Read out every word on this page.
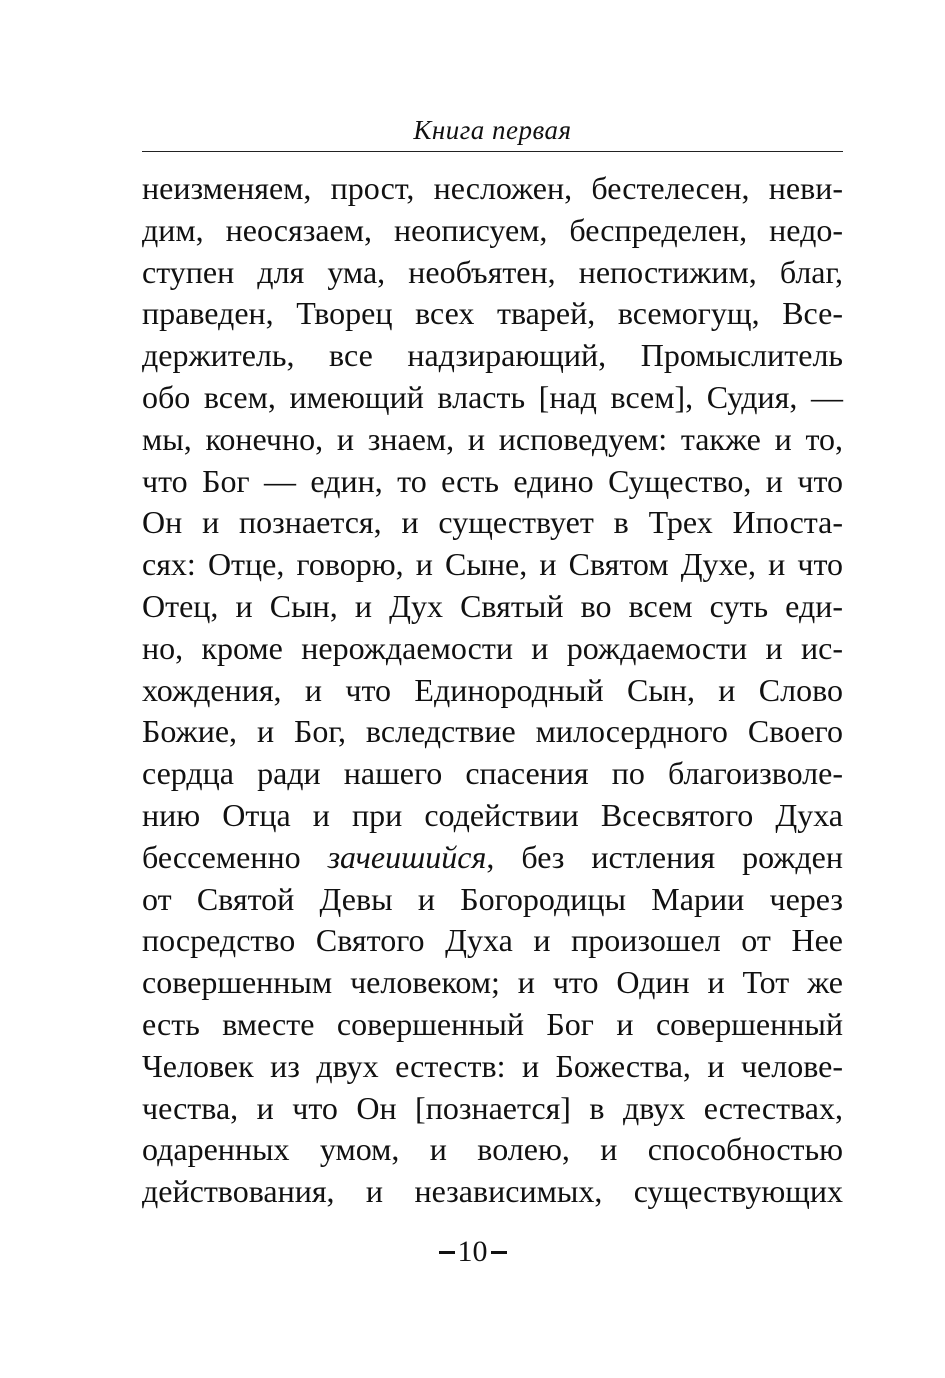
Книга первая
неизменяем, прост, несложен, бестелесен, неви-
дим, неосязаем, неописуем, беспределен, недо-
ступен для ума, необъятен, непостижим, благ,
праведен, Творец всех тварей, всемогущ, Все-
держитель, все надзирающий, Промыслитель
обо всем, имеющий власть [над всем], Судия, —
мы, конечно, и знаем, и исповедуем: также и то,
что Бог — един, то есть едино Существо, и что
Он и познается, и существует в Трех Ипоста-
сях: Отце, говорю, и Сыне, и Святом Духе, и что
Отец, и Сын, и Дух Святый во всем суть еди-
но, кроме нерождаемости и рождаемости и ис-
хождения, и что Единородный Сын, и Слово
Божие, и Бог, вследствие милосердного Своего
сердца ради нашего спасения по благоизволе-
нию Отца и при содействии Всесвятого Духа
бессеменно зачеишийся, без истления рожден
от Святой Девы и Богородицы Марии через
посредство Святого Духа и произошел от Нее
совершенным человеком; и что Один и Тот же
есть вместе совершенный Бог и совершенный
Человек из двух естеств: и Божества, и челове-
чества, и что Он [познается] в двух естествах,
одаренных умом, и волею, и способностью
действования, и независимых, существующих
10
